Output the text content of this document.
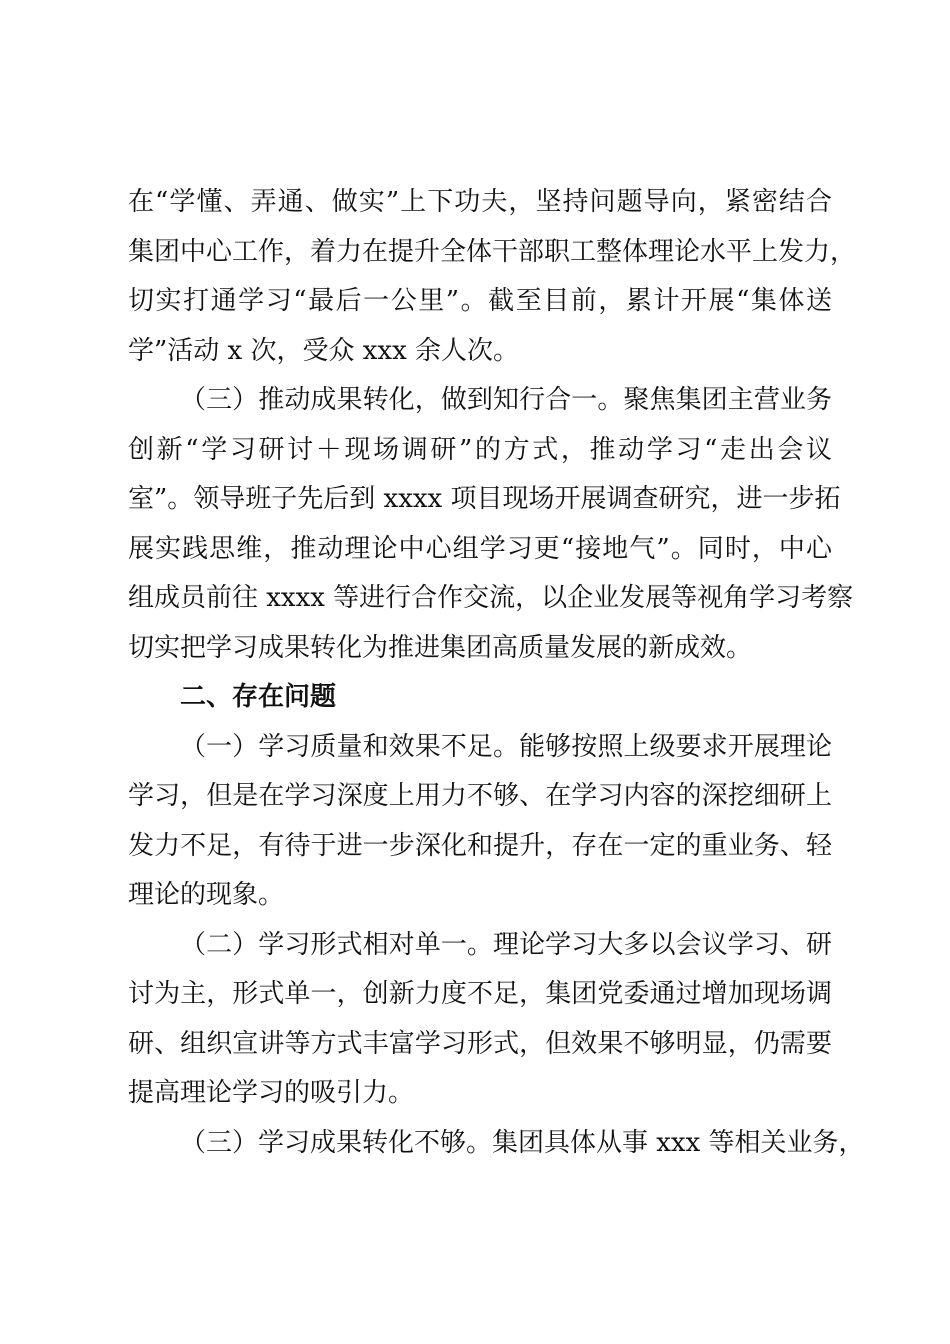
在“学懂、弄通、做实”上下功夫，坚持问题导向，紧密结合
集团中心工作，着力在提升全体干部职工整体理论水平上发力，
切实打通学习“最后一公里”。截至目前，累计开展“集体送
学”活动 x 次，受众 xxx 余人次。
（三）推动成果转化，做到知行合一。聚焦集团主营业务
创新“学习研讨＋现场调研”的方式，推动学习“走出会议
室”。领导班子先后到 xxxx 项目现场开展调查研究，进一步拓
展实践思维，推动理论中心组学习更“接地气”。同时，中心
组成员前往 xxxx 等进行合作交流，以企业发展等视角学习考察
切实把学习成果转化为推进集团高质量发展的新成效。
二、存在问题
（一）学习质量和效果不足。能够按照上级要求开展理论
学习，但是在学习深度上用力不够、在学习内容的深挖细研上
发力不足，有待于进一步深化和提升，存在一定的重业务、轻
理论的现象。
（二）学习形式相对单一。理论学习大多以会议学习、研
讨为主，形式单一，创新力度不足，集团党委通过增加现场调
研、组织宣讲等方式丰富学习形式，但效果不够明显，仍需要
提高理论学习的吸引力。
（三）学习成果转化不够。集团具体从事 xxx 等相关业务，
